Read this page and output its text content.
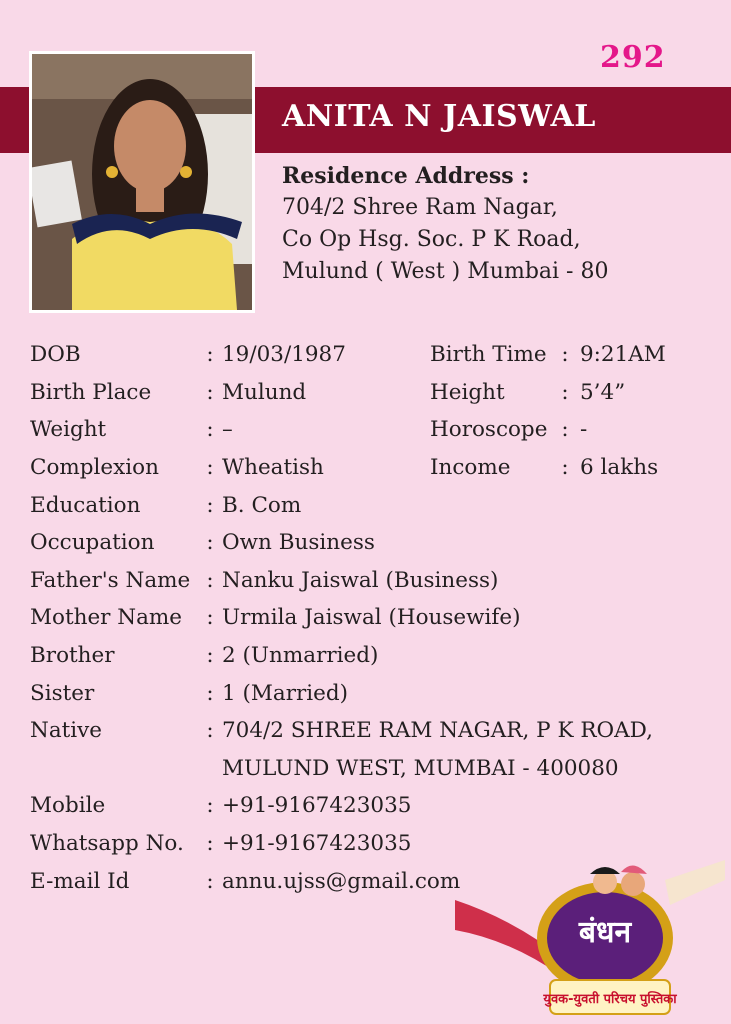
292
ANITA N JAISWAL
Residence Address :
704/2 Shree Ram Nagar,
Co Op Hsg. Soc. P K Road,
Mulund ( West ) Mumbai - 80
DOB	: 19/03/1987	Birth Time : 9:21AM
Birth Place	: Mulund	Height	: 5’4”
Weight	: –	Horoscope : -
Complexion	: Wheatish	Income	: 6 lakhs
Education	: B. Com
Occupation	: Own Business
Father's Name : Nanku Jaiswal (Business)
Mother Name	: Urmila Jaiswal (Housewife)
Brother	: 2 (Unmarried)
Sister	: 1 (Married)
Native	: 704/2 SHREE RAM NAGAR, P K ROAD,
MULUND WEST, MUMBAI - 400080
Mobile	: +91-9167423035
Whatsapp No.	: +91-9167423035
E-mail Id	: annu.ujss@gmail.com
बंधन
युवक-युवती परिचय पुस्तिका
